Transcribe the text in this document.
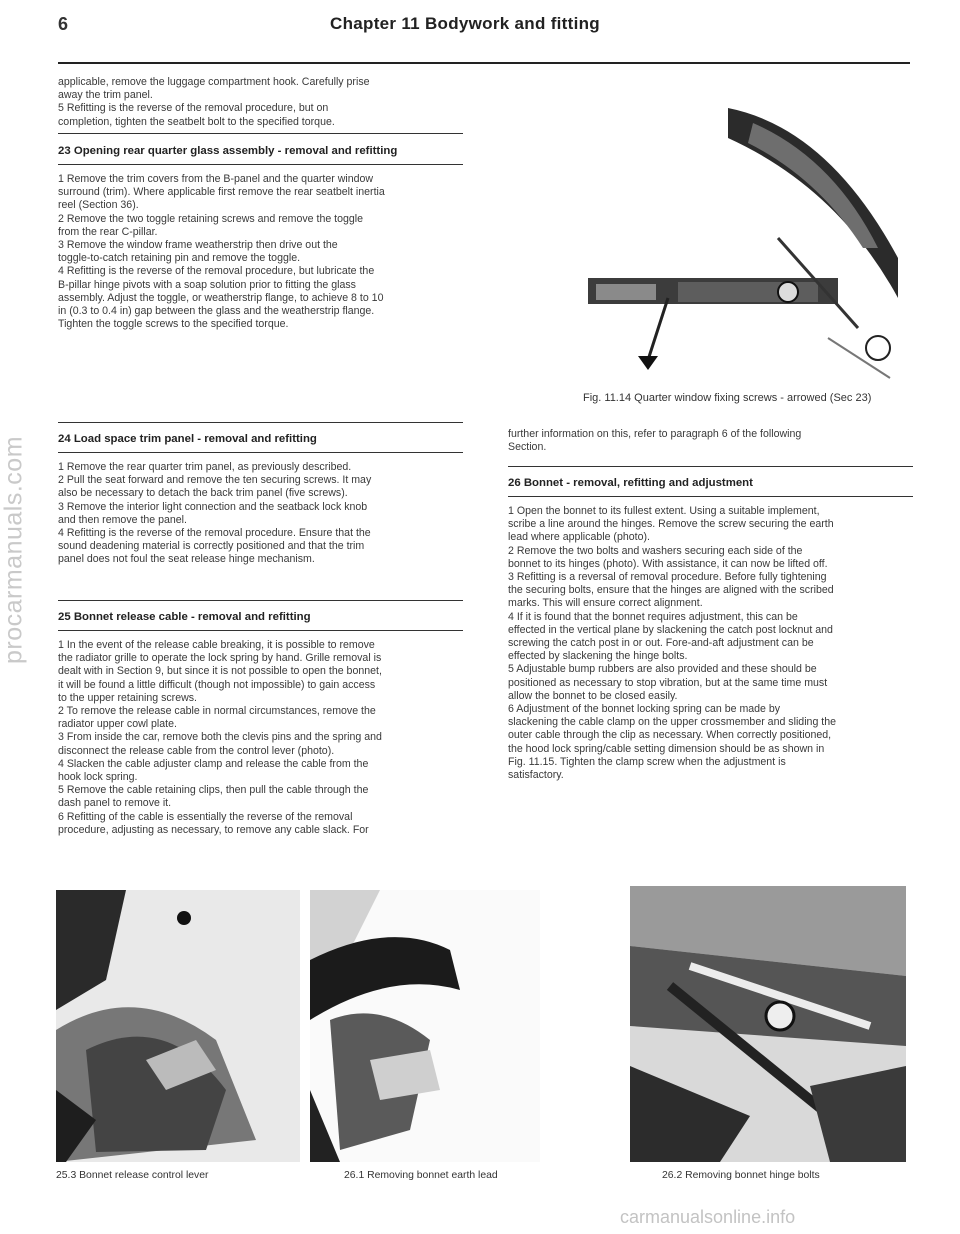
procarmanuals.com
6	Chapter 11 Bodywork and fitting

applicable, remove the luggage compartment hook. Carefully prise

away the trim panel.

5 Refitting is the reverse of the removal procedure, but on

completion, tighten the seatbelt bolt to the specified torque.

23 Opening rear quarter glass assembly - removal and refitting

1 Remove the trim covers from the B-panel and the quarter window

surround (trim). Where applicable first remove the rear seatbelt inertia

reel (Section 36).

2 Remove the two toggle retaining screws and remove the toggle

from the rear C-pillar.

3 Remove the window frame weatherstrip then drive out the

toggle-to-catch retaining pin and remove the toggle.

4 Refitting is the reverse of the removal procedure, but lubricate the

B-pillar hinge pivots with a soap solution prior to fitting the glass

assembly. Adjust the toggle, or weatherstrip flange, to achieve 8 to 10

in (0.3 to 0.4 in) gap between the glass and the weatherstrip flange.

Tighten the toggle screws to the specified torque.

24 Load space trim panel - removal and refitting

1 Remove the rear quarter trim panel, as previously described.

2 Pull the seat forward and remove the ten securing screws. It may

also be necessary to detach the back trim panel (five screws).

3 Remove the interior light connection and the seatback lock knob

and then remove the panel.

4 Refitting is the reverse of the removal procedure. Ensure that the

sound deadening material is correctly positioned and that the trim

panel does not foul the seat release hinge mechanism.

25 Bonnet release cable - removal and refitting

1 In the event of the release cable breaking, it is possible to remove

the radiator grille to operate the lock spring by hand. Grille removal is

dealt with in Section 9, but since it is not possible to open the bonnet,

it will be found a little difficult (though not impossible) to gain access

to the upper retaining screws.

2 To remove the release cable in normal circumstances, remove the

radiator upper cowl plate.

3 From inside the car, remove both the clevis pins and the spring and

disconnect the release cable from the control lever (photo).

4 Slacken the cable adjuster clamp and release the cable from the

hook lock spring.

5 Remove the cable retaining clips, then pull the cable through the

dash panel to remove it.

6 Refitting of the cable is essentially the reverse of the removal

procedure, adjusting as necessary, to remove any cable slack. For

Fig. 11.14 Quarter window fixing screws - arrowed (Sec 23)

further information on this, refer to paragraph 6 of the following

Section.

26 Bonnet - removal, refitting and adjustment

1 Open the bonnet to its fullest extent. Using a suitable implement,

scribe a line around the hinges. Remove the screw securing the earth

lead where applicable (photo).

2 Remove the two bolts and washers securing each side of the

bonnet to its hinges (photo). With assistance, it can now be lifted off.

3 Refitting is a reversal of removal procedure. Before fully tightening

the securing bolts, ensure that the hinges are aligned with the scribed

marks. This will ensure correct alignment.

4 If it is found that the bonnet requires adjustment, this can be

effected in the vertical plane by slackening the catch post locknut and

screwing the catch post in or out. Fore-and-aft adjustment can be

effected by slackening the hinge bolts.

5 Adjustable bump rubbers are also provided and these should be

positioned as necessary to stop vibration, but at the same time must

allow the bonnet to be closed easily.

6 Adjustment of the bonnet locking spring can be made by

slackening the cable clamp on the upper crossmember and sliding the

outer cable through the clip as necessary. When correctly positioned,

the hood lock spring/cable setting dimension should be as shown in

Fig. 11.15. Tighten the clamp screw when the adjustment is

satisfactory.

25.3 Bonnet release control lever	26.1 Removing bonnet earth lead	26.2 Removing bonnet hinge bolts
carmanualsonline.info
